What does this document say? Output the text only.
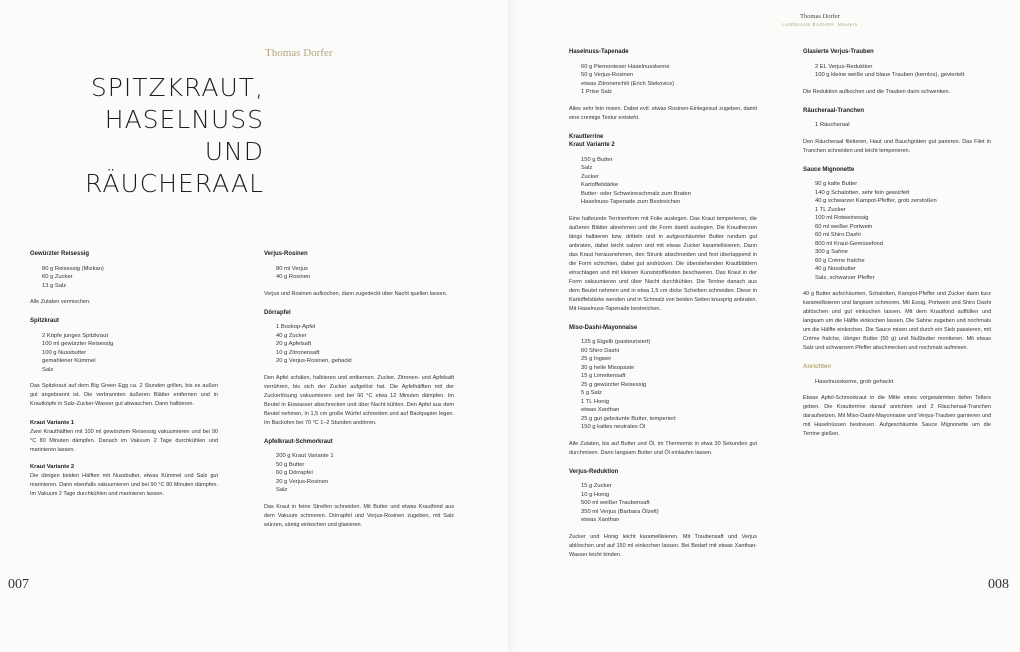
Thomas Dorfer
SPITZKRAUT,
HASELNUSS
UND
RÄUCHERAAL
007
Thomas Dorfer
LANDHAUS BACHER, Mautern
008
Gewürzter Reisessig
80 g Reisessig (Mizkan)
60 g Zucker
13 g Salz

Alle Zutaten vermischen.

Spitzkraut
2 Köpfe junges Spitzkraut
100 ml gewürzter Reisessig
100 g Nussbutter
gemahlener Kümmel
Salz

Das Spitzkraut auf dem Big Green Egg ca. 2 Stunden grillen, bis es außen gut angebrannt ist. Die verbrannten äußeren Blätter entfernen und in Krautköpfe in Salz-Zucker-Wasser gut abwaschen. Dann halbieren.

Kraut Variante 1

Zwei Krauthälften mit 100 ml gewürztem Reisessig vakuumieren und bei 90 °C 80 Minuten dämpfen. Danach im Vakuum 2 Tage durchkühlen und marinieren lassen.

Kraut Variante 2

Die übrigen beiden Hälften mit Nussbutter, etwas Kümmel und Salz gut marinieren. Dann ebenfalls vakuumieren und bei 90 °C 80 Minuten dämpfen. Im Vakuum 2 Tage durchkühlen und marinieren lassen.

Verjus-Rosinen
80 ml Verjus
40 g Rosinen

Verjus und Rosinen aufkochen, dann zugedeckt über Nacht quellen lassen.

Dörrapfel
1 Boskop-Apfel
40 g Zucker
20 g Apfelsaft
10 g Zitronensaft
20 g Verjus-Rosinen, gehackt

Den Apfel schälen, halbieren und entkernen. Zucker, Zitronen- und Apfelsaft verrühren, bis sich der Zucker aufgelöst hat. Die Apfelhälften mit der Zuckerlösung vakuumieren und bei 90 °C etwa 12 Minuten dämpfen. Im Beutel in Eiswasser abschrecken und über Nacht kühlen. Den Apfel aus dem Beutel nehmen, in 1,5 cm große Würfel schneiden und auf Backpapier legen. Im Backofen bei 70 °C 1–2 Stunden andörren.

Apfelkraut-Schmorkraut
200 g Kraut Variante 1
50 g Butter
60 g Dörrapfel
20 g Verjus-Rosinen
Salz

Das Kraut in feine Streifen schneiden. Mit Butter und etwas Krautfond aus dem Vakuum schmoren. Dörrapfel und Verjus-Rosinen zugeben, mit Salz würzen, sämig einkochen und glasieren.

Haselnuss-Tapenade
60 g Piemonteser Haselnusskerne
50 g Verjus-Rosinen
etwas Zitronenchili (Erich Stekovics)
1 Prise Salz

Alles sehr fein mixen. Dabei evtl. etwas Rosinen-Einlegesud zugeben, damit eine cremige Textur entsteht.

Krautterrine
Kraut Variante 2
150 g Butter
Salz
Zucker
Kartoffelstärke
Butter- oder Schweineschmalz zum Braten
Haselnuss-Tapenade zum Bestreichen

Eine halbrunde Terrinenform mit Folie auslegen. Das Kraut temperieren, die äußeren Blätter abnehmen und die Form damit auslegen. Die Krautherzen längs halbieren bzw. dritteln und in aufgeschäumter Butter rundum gut anbraten, dabei leicht salzen und mit etwas Zucker karamellisieren. Dann das Kraut herausnehmen, den Strunk abschneiden und fest überlappend in die Form schichten, dabei gut andrücken. Die überstehenden Krautblättern einschlagen und mit kleinen Kunststoffleisten beschweren. Das Kraut in der Form vakuumieren und über Nacht durchkühlen. Die Terrine danach aus dem Beutel nehmen und in etwa 1,5 cm dicke Scheiben schneiden. Diese in Kartoffelstärke wenden und in Schmalz von beiden Seiten knusprig anbraten. Mit Haselnuss-Tapenade bestreichen.

Miso-Dashi-Mayonnaise
125 g Eigelb (pasteurisiert)
60 Shiro Dashi
25 g Ingwer
30 g helle Misopaste
15 g Limettensaft
25 g gewürzter Reisessig
5 g Salz
1 TL Honig
etwas Xanthan
25 g gut gebräunte Butter, temperiert
150 g kaltes neutrales Öl

Alle Zutaten, bis auf Butter und Öl, im Thermomix in etwa 30 Sekunden gut durchmixen. Dann langsam Butter und Öl einlaufen lassen.

Verjus-Reduktion
15 g Zucker
10 g Honig
500 ml weißer Traubensaft
350 ml Verjus (Barbara Ölzelt)
etwas Xanthan

Zucker und Honig leicht karamellisieren. Mit Traubensaft und Verjus ablöschen und auf 150 ml einkochen lassen. Bei Bedarf mit etwas Xanthan-Wasser leicht binden.

Glasierte Verjus-Trauben
2 EL Verjus-Reduktion
100 g kleine weiße und blaue Trauben (kernlos), geviertelt

Die Reduktion aufkochen und die Trauben darin schwenken.

Räucheraal-Tranchen
1 Räucheraal

Den Räucheraal filetieren, Haut und Bauchgräten gut parieren. Das Filet in Tranchen schneiden und leicht temperieren.

Sauce Mignonette
90 g kalte Butter
140 g Schalotten, sehr fein gewürfelt
40 g schwarzer Kampot-Pfeffer, grob zerstoßen
1 TL Zucker
100 ml Rotweinessig
60 ml weißer Portwein
60 ml Shiro Dashi
800 ml Kraut-Gemüsefond
300 g Sahne
60 g Crème fraîche
40 g Nussbutter
Salz, schwarzer Pfeffer

40 g Butter aufschäumen, Schalotten, Kampot-Pfeffer und Zucker darin kurz karamellisieren und langsam schmoren. Mit Essig, Portwein und Shiro Dashi ablöschen und gut einkochen lassen. Mit dem Krautfond auffüllen und langsam um die Hälfte einkochen lassen. Die Sahne zugeben und nochmals um die Hälfte einkochen. Die Sauce mixen und durch ein Sieb passieren, mit Crème fraîche, übriger Butter (50 g) und Nußbutter montieren. Mit etwas Salz und schwarzem Pfeffer abschmecken und nochmals aufmixen.

Anrichten
Haselnusskerne, grob gehackt

Etwas Apfel-Schmorkraut in die Mitte eines vorgewärmten tiefen Tellers geben. Die Krautterrine darauf anrichten und 2 Räucheraal-Tranchen daraufsetzen. Mit Miso-Dashi-Mayonnaise und Verjus-Trauben garnieren und mit Haselnüssen bestreuen. Aufgeschäumte Sauce Mignonette um die Terrine gießen.
